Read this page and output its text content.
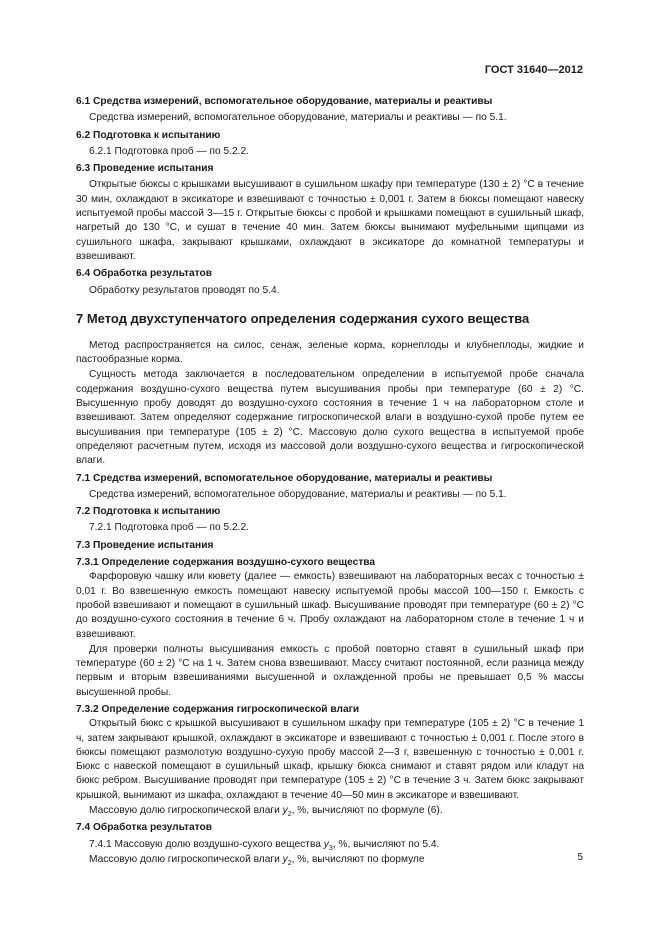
ГОСТ 31640—2012
6.1 Средства измерений, вспомогательное оборудование, материалы и реактивы
Средства измерений, вспомогательное оборудование, материалы и реактивы — по 5.1.
6.2 Подготовка к испытанию
6.2.1 Подготовка проб — по 5.2.2.
6.3 Проведение испытания
Открытые бюксы с крышками высушивают в сушильном шкафу при температуре (130 ± 2) °С в течение 30 мин, охлаждают в эксикаторе и взвешивают с точностью ± 0,001 г. Затем в бюксы помещают навеску испытуемой пробы массой 3—15 г. Открытые бюксы с пробой и крышками помещают в сушильный шкаф, нагретый до 130 °С, и сушат в течение 40 мин. Затем бюксы вынимают муфельными щипцами из сушильного шкафа, закрывают крышками, охлаждают в эксикаторе до комнатной температуры и взвешивают.
6.4 Обработка результатов
Обработку результатов проводят по 5.4.
7 Метод двухступенчатого определения содержания сухого вещества
Метод распространяется на силос, сенаж, зеленые корма, корнеплоды и клубнеплоды, жидкие и пастообразные корма.
Сущность метода заключается в последовательном определении в испытуемой пробе сначала содержания воздушно-сухого вещества путем высушивания пробы при температуре (60 ± 2) °С. Высушенную пробу доводят до воздушно-сухого состояния в течение 1 ч на лабораторном столе и взвешивают. Затем определяют содержание гигроскопической влаги в воздушно-сухой пробе путем ее высушивания при температуре (105 ± 2) °С. Массовую долю сухого вещества в испытуемой пробе определяют расчетным путем, исходя из массовой доли воздушно-сухого вещества и гигроскопической влаги.
7.1 Средства измерений, вспомогательное оборудование, материалы и реактивы
Средства измерений, вспомогательное оборудование, материалы и реактивы — по 5.1.
7.2 Подготовка к испытанию
7.2.1 Подготовка проб — по 5.2.2.
7.3 Проведение испытания
7.3.1 Определение содержания воздушно-сухого вещества
Фарфоровую чашку или кювету (далее — емкость) взвешивают на лабораторных весах с точностью ± 0,01 г. Во взвешенную емкость помещают навеску испытуемой пробы массой 100—150 г. Емкость с пробой взвешивают и помещают в сушильный шкаф. Высушивание проводят при температуре (60 ± 2) °С до воздушно-сухого состояния в течение 6 ч. Пробу охлаждают на лабораторном столе в течение 1 ч и взвешивают.
Для проверки полноты высушивания емкость с пробой повторно ставят в сушильный шкаф при температуре (60 ± 2) °С на 1 ч. Затем снова взвешивают. Массу считают постоянной, если разница между первым и вторым взвешиваниями высушенной и охлажденной пробы не превышает 0,5 % массы высушенной пробы.
7.3.2 Определение содержания гигроскопической влаги
Открытый бюкс с крышкой высушивают в сушильном шкафу при температуре (105 ± 2) °С в течение 1 ч, затем закрывают крышкой, охлаждают в эксикаторе и взвешивают с точностью ± 0,001 г. После этого в бюксы помещают размолотую воздушно-сухую пробу массой 2—3 г, взвешенную с точностью ± 0,001 г. Бюкс с навеской помещают в сушильный шкаф, крышку бюкса снимают и ставят рядом или кладут на бюкс ребром. Высушивание проводят при температуре (105 ± 2) °С в течение 3 ч. Затем бюкс закрывают крышкой, вынимают из шкафа, охлаждают в течение 40—50 мин в эксикаторе и взвешивают.
Массовую долю гигроскопической влаги $y_2$, %, вычисляют по формуле (6).
7.4 Обработка результатов
7.4.1 Массовую долю воздушно-сухого вещества $y_3$, %, вычисляют по 5.4.
Массовую долю гигроскопической влаги $y_2$, %, вычисляют по формуле	5
